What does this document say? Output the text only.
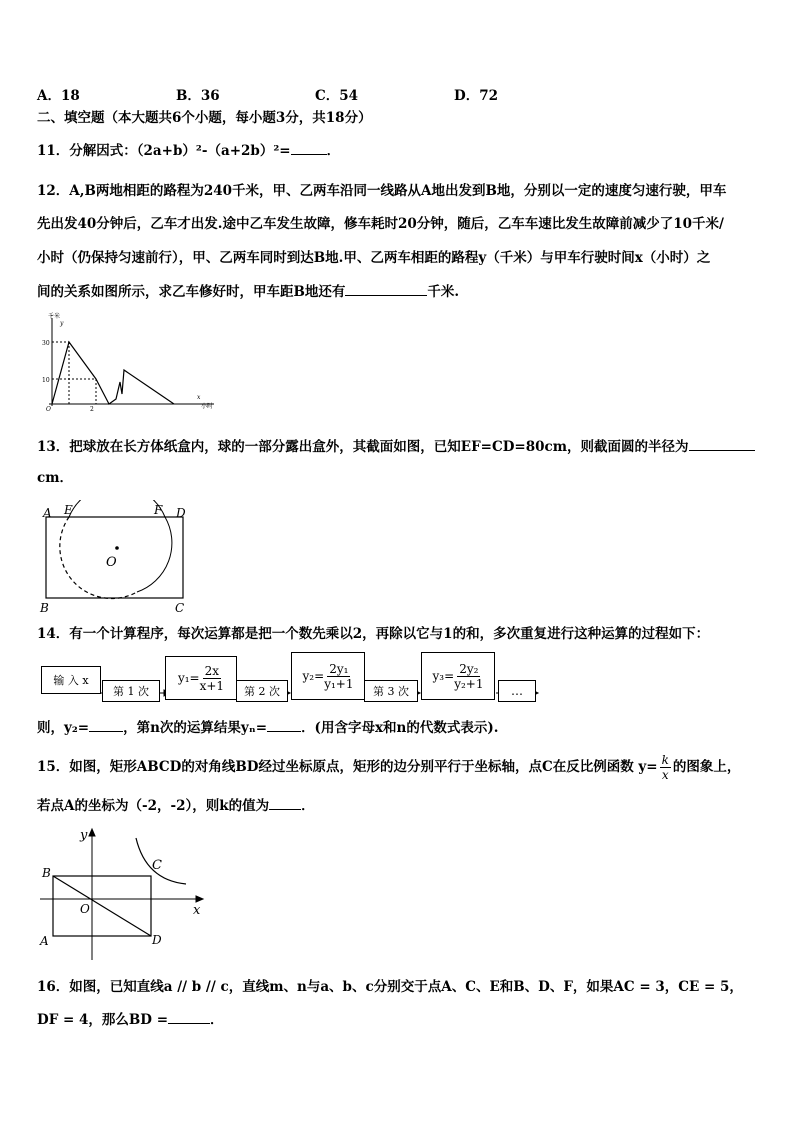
A．18	B．36	C．54	D．72
二、填空题（本大题共6个小题，每小题3分，共18分）
11．分解因式：（2a+b）²-（a+2b）²=	．
12．A,B两地相距的路程为240千米，甲、乙两车沿同一线路从A地出发到B地，分别以一定的速度匀速行驶，甲车
先出发40分钟后，乙车才出发.途中乙车发生故障，修车耗时20分钟，随后，乙车车速比发生故障前减少了10千米/
小时（仍保持匀速前行），甲、乙两车同时到达B地.甲、乙两车相距的路程y（千米）与甲车行驶时间x（小时）之
间的关系如图所示，求乙车修好时，甲车距B地还有	千米.
千米
y
30
10
O	2
x
小时
13．把球放在长方体纸盒内，球的一部分露出盒外，其截面如图，已知EF=CD=80cm，则截面圆的半径为
cm．
A E	F D
O
B	C
14．有一个计算程序，每次运算都是把一个数先乘以2，再除以它与1的和，多次重复进行这种运算的过程如下：
输 入 x
第 1 次
$y_1= \frac{2x}{x+1}$	第 2 次
$y_2= \frac{\text{2y₁}}{\text{y₁+1}}$
第 3 次
$y_3= \frac{\text{2y₂}}{\text{y₂+1}}$
…
则，y₂=	，第n次的运算结果yₙ=	．(用含字母x和n的代数式表示).
15．如图，矩形ABCD的对角线BD经过坐标原点，矩形的边分别平行于坐标轴，点C在反比例函数 $y= \frac{k}{x}$ 的图象上，
若点A的坐标为（-2，-2），则k的值为 ．
y
C
B
O	x
A	D
16．如图，已知直线a // b // c，直线m、n与a、b、c分别交于点A、C、E和B、D、F，如果AC = 3，CE = 5，
DF = 4，那么BD =	．
